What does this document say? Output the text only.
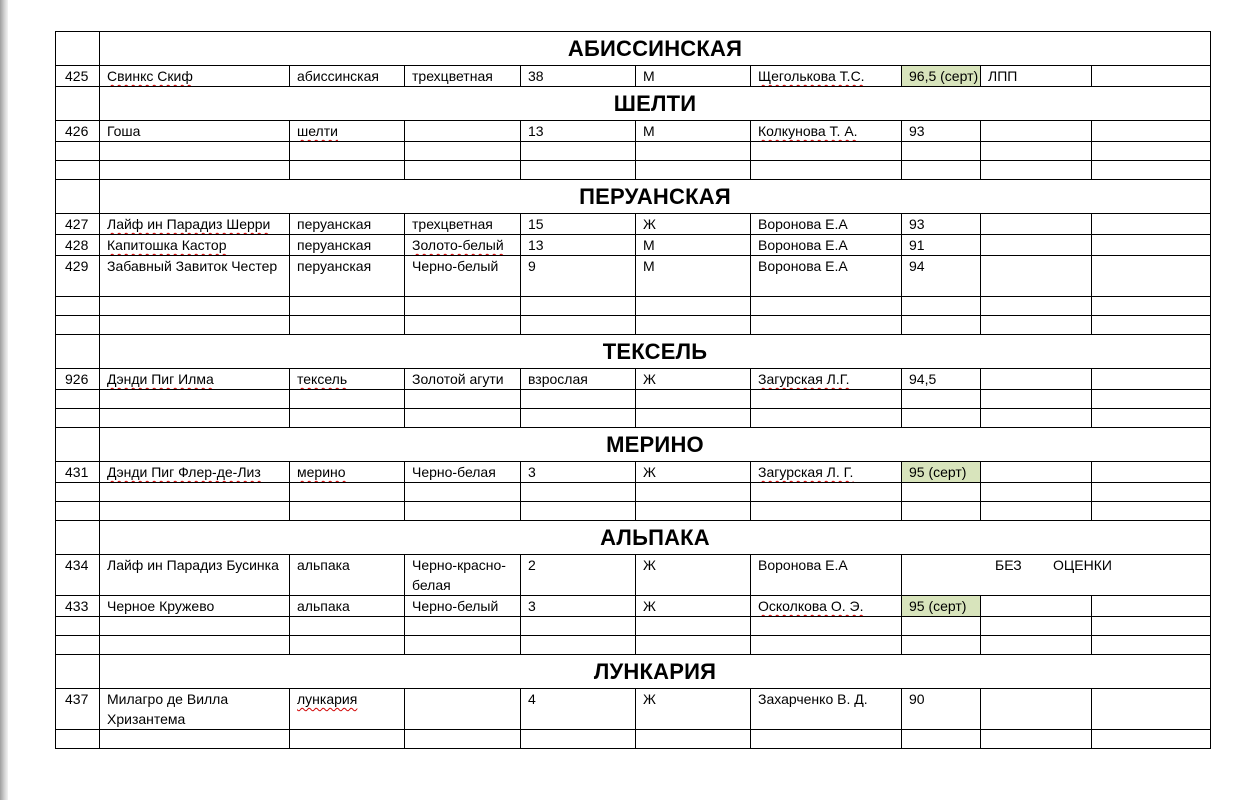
	АБИССИНСКАЯ								
425	Свинкс Скиф	абиссинская	трехцветная	38	М	Щеголькова Т.С.	96,5 (серт)	ЛПП	
	ШЕЛТИ								
426	Гоша	шелти		13	М	Колкунова Т. А.	93		

	ПЕРУАНСКАЯ								
427	Лайф ин Парадиз Шерри	перуанская	трехцветная	15	Ж	Воронова Е.А	93		
428	Капитошка Кастор	перуанская	Золото-белый	13	М	Воронова Е.А	91		
429	Забавный Завиток Честер	перуанская	Черно-белый	9	М	Воронова Е.А	94		

	ТЕКСЕЛЬ								
926	Дэнди Пиг Илма	тексель	Золотой агути	взрослая	Ж	Загурская Л.Г.	94,5		

	МЕРИНО								
431	Дэнди Пиг Флер-де-Лиз	мерино	Черно-белая	3	Ж	Загурская Л. Г.	95 (серт)		

	АЛЬПАКА								
434	Лайф ин Парадиз Бусинка	альпака	Черно-красно-белая	2	Ж	Воронова Е.А	БЕЗ ОЦЕНКИ		

433	Черное Кружево	альпака	Черно-белый	3	Ж	Осколкова О. Э.	95 (серт)		

	ЛУНКАРИЯ								
437	Милагро де Вилла Хризантема	лункария		4	Ж	Захарченко В. Д.	90		
